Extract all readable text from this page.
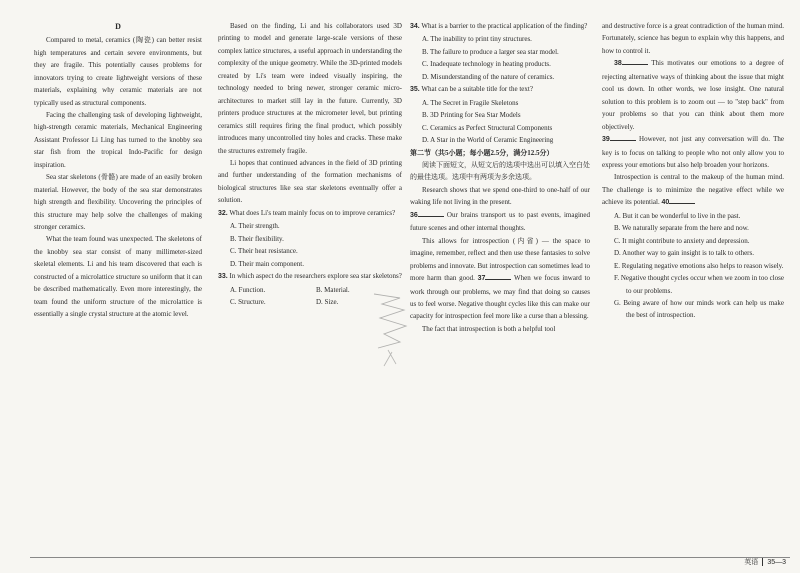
D

Compared to metal, ceramics (陶瓷) can better resist high temperatures and certain severe environments, but they are fragile. This potentially causes problems for innovators trying to create lightweight versions of these materials, explaining why ceramic materials are not typically used as structural components.

Facing the challenging task of developing lightweight, high-strength ceramic materials, Mechanical Engineering Assistant Professor Li Ling has turned to the knobby sea star fish from the tropical Indo-Pacific for design inspiration.

Sea star skeletons (骨骼) are made of an easily broken material. However, the body of the sea star demonstrates high strength and flexibility. Uncovering the principles of this structure may help solve the challenges of making stronger ceramics.

What the team found was unexpected. The skeletons of the knobby sea star consist of many millimeter-sized skeletal elements. Li and his team discovered that each is constructed of a microlattice structure so uniform that it can be described mathematically. Even more interestingly, the team found the uniform structure of the microlattice is essentially a single crystal structure at the atomic level.

Based on the finding, Li and his collaborators used 3D printing to model and generate large-scale versions of these complex lattice structures, a useful approach in understanding the complexity of the unique geometry. While the 3D-printed models created by Li's team were indeed visually inspiring, the technology needed to bring newer, stronger ceramic micro-architectures to market still lay in the future. Currently, 3D printers produce structures at the micrometer level, but printing ceramics still requires firing the final product, which possibly introduces many uncontrolled tiny holes and cracks. These make the structures extremely fragile.

Li hopes that continued advances in the field of 3D printing and further understanding of the formation mechanisms of biological structures like sea star skeletons eventually offer a solution.

32. What does Li's team mainly focus on to improve ceramics?

A. Their strength.

B. Their flexibility.

C. Their heat resistance.

D. Their main component.

33. In which aspect do the researchers explore sea star skeletons?

A. Function.	B. Material.
C. Structure.	D. Size.

34. What is a barrier to the practical application of the finding?

A. The inability to print tiny structures.

B. The failure to produce a larger sea star model.

C. Inadequate technology in heating products.

D. Misunderstanding of the nature of ceramics.

35. What can be a suitable title for the text?

A. The Secret in Fragile Skeletons

B. 3D Printing for Sea Star Models

C. Ceramics as Perfect Structural Components

D. A Star in the World of Ceramic Engineering

第二节（共5小题；每小题2.5分，满分12.5分）

阅读下面短文，从短文后的选项中选出可以填入空白处的最佳选项。选项中有两项为多余选项。

Research shows that we spend one-third to one-half of our waking life not living in the present.

36	Our brains transport us to past events, imagined future scenes and other internal thoughts.

This allows for introspection (内省) — the space to imagine, remember, reflect and then use these fantasies to solve problems and innovate. But introspection can sometimes lead to more harm than good. 37	When we focus inward to work through our problems, we may find that doing so causes us to feel worse. Negative thought cycles like this can make our capacity for introspection feel more like a curse than a blessing.

The fact that introspection is both a helpful tool

and destructive force is a great contradiction of the human mind. Fortunately, science has begun to explain why this happens, and how to control it.

38	This motivates our emotions to a degree of rejecting alternative ways of thinking about the issue that might cool us down. In other words, we lose insight. One natural solution to this problem is to zoom out — to "step back" from your problems so that you can think about them more objectively.

39	However, not just any conversation will do. The key is to focus on talking to people who not only allow you to express your emotions but also help broaden your horizons.

Introspection is central to the makeup of the human mind. The challenge is to minimize the negative effect while we achieve its potential. 40

A. But it can be wonderful to live in the past.

B. We naturally separate from the here and now.

C. It might contribute to anxiety and depression.

D. Another way to gain insight is to talk to others.

E. Regulating negative emotions also helps to reason wisely.

F. Negative thought cycles occur when we zoom in too close to our problems.

G. Being aware of how our minds work can help us make the best of introspection.

英语 35—3
